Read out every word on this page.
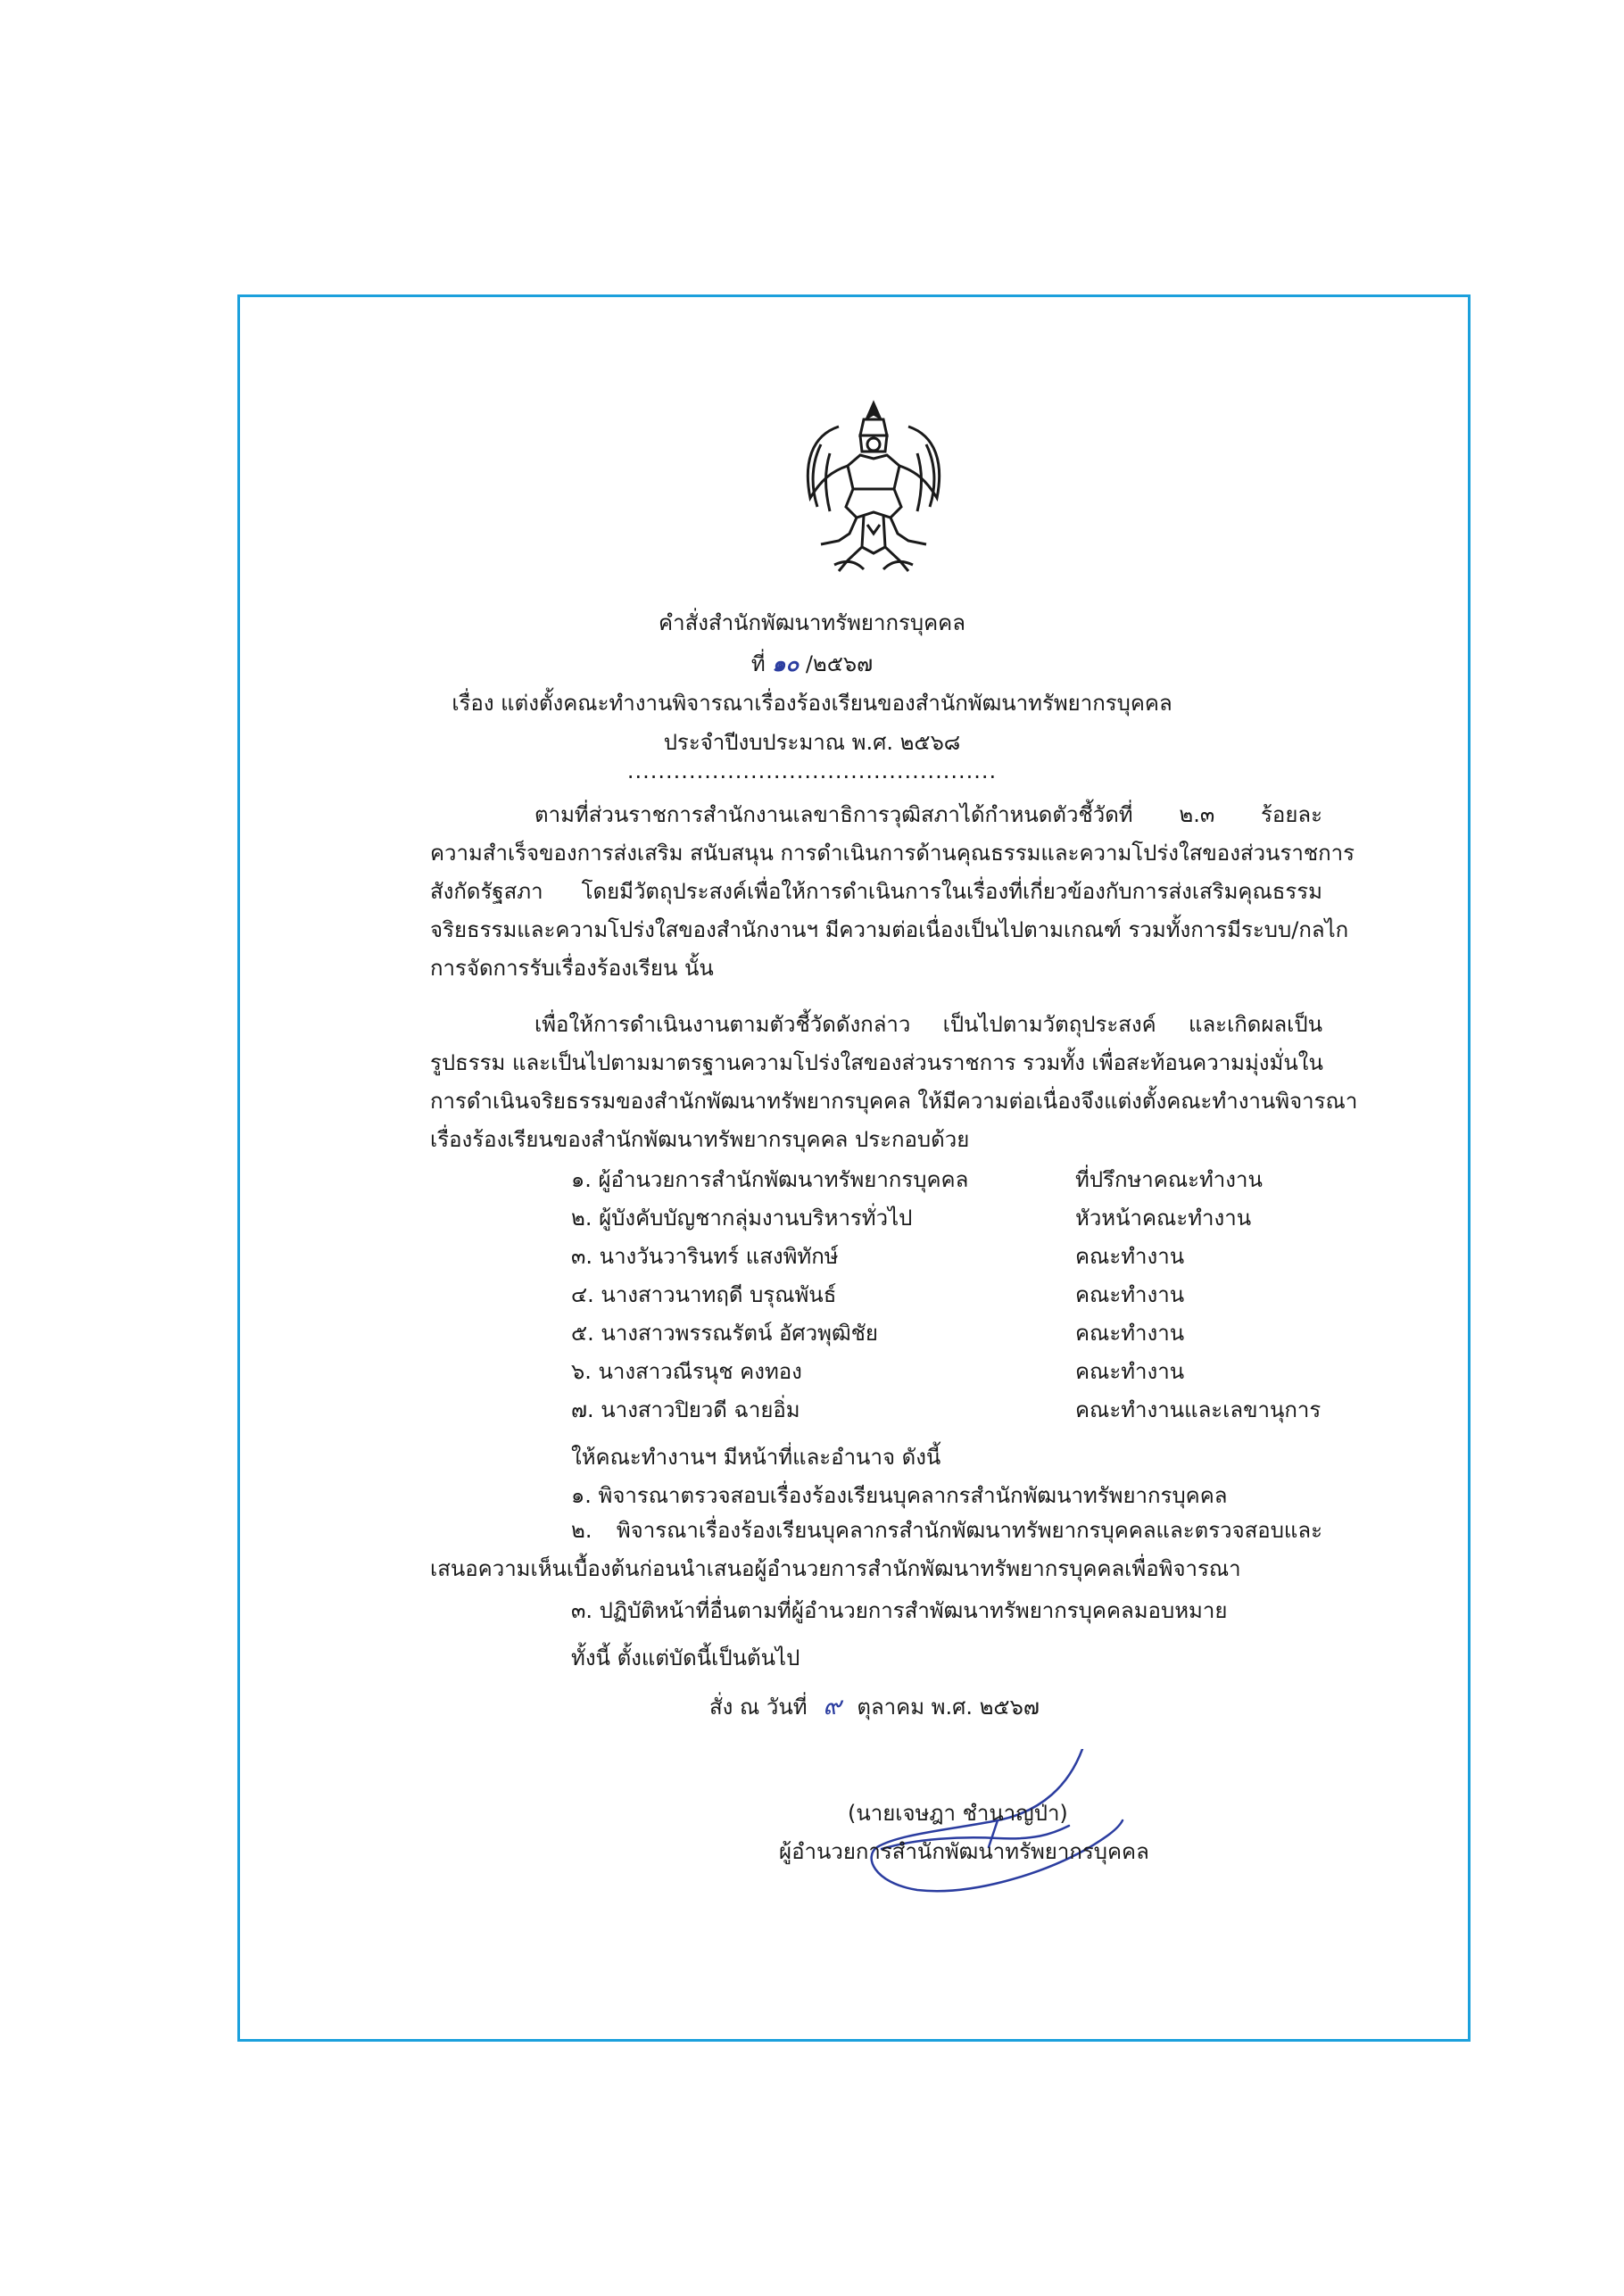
คำสั่งสำนักพัฒนาทรัพยากรบุคคล
ที่ ๑๐ /๒๕๖๗
เรื่อง แต่งตั้งคณะทำงานพิจารณาเรื่องร้องเรียนของสำนักพัฒนาทรัพยากรบุคคล
ประจำปีงบประมาณ พ.ศ. ๒๕๖๘
................................................
ตามที่ส่วนราชการสำนักงานเลขาธิการวุฒิสภาได้กำหนดตัวชี้วัดที่ ๒.๓ ร้อยละ
ความสำเร็จของการส่งเสริม สนับสนุน การดำเนินการด้านคุณธรรมและความโปร่งใสของส่วนราชการ
สังกัดรัฐสภา โดยมีวัตถุประสงค์เพื่อให้การดำเนินการในเรื่องที่เกี่ยวข้องกับการส่งเสริมคุณธรรม
จริยธรรมและความโปร่งใสของสำนักงานฯ มีความต่อเนื่องเป็นไปตามเกณฑ์ รวมทั้งการมีระบบ/กลไก
การจัดการรับเรื่องร้องเรียน นั้น
เพื่อให้การดำเนินงานตามตัวชี้วัดดังกล่าว เป็นไปตามวัตถุประสงค์ และเกิดผลเป็น
รูปธรรม และเป็นไปตามมาตรฐานความโปร่งใสของส่วนราชการ รวมทั้ง เพื่อสะท้อนความมุ่งมั่นใน
การดำเนินจริยธรรมของสำนักพัฒนาทรัพยากรบุคคล ให้มีความต่อเนื่องจึงแต่งตั้งคณะทำงานพิจารณา
เรื่องร้องเรียนของสำนักพัฒนาทรัพยากรบุคคล ประกอบด้วย
๑. ผู้อำนวยการสำนักพัฒนาทรัพยากรบุคคล	ที่ปรึกษาคณะทำงาน
๒. ผู้บังคับบัญชากลุ่มงานบริหารทั่วไป	หัวหน้าคณะทำงาน
๓. นางวันวารินทร์ แสงพิทักษ์	คณะทำงาน
๔. นางสาวนาทฤดี บรุณพันธ์	คณะทำงาน
๕. นางสาวพรรณรัตน์ อัศวพุฒิชัย	คณะทำงาน
๖. นางสาวณีรนุช คงทอง	คณะทำงาน
๗. นางสาวปิยวดี ฉายอิ่ม	คณะทำงานและเลขานุการ
ให้คณะทำงานฯ มีหน้าที่และอำนาจ ดังนี้
๑. พิจารณาตรวจสอบเรื่องร้องเรียนบุคลากรสำนักพัฒนาทรัพยากรบุคคล
๒. พิจารณาเรื่องร้องเรียนบุคลากรสำนักพัฒนาทรัพยากรบุคคลและตรวจสอบและ
เสนอความเห็นเบื้องต้นก่อนนำเสนอผู้อำนวยการสำนักพัฒนาทรัพยากรบุคคลเพื่อพิจารณา
๓. ปฏิบัติหน้าที่อื่นตามที่ผู้อำนวยการสำพัฒนาทรัพยากรบุคคลมอบหมาย
ทั้งนี้ ตั้งแต่บัดนี้เป็นต้นไป
สั่ง ณ วันที่ ๙ ตุลาคม พ.ศ. ๒๕๖๗
(นายเจษฎา ชำนาญป่า)
ผู้อำนวยการสำนักพัฒนาทรัพยากรบุคคล
